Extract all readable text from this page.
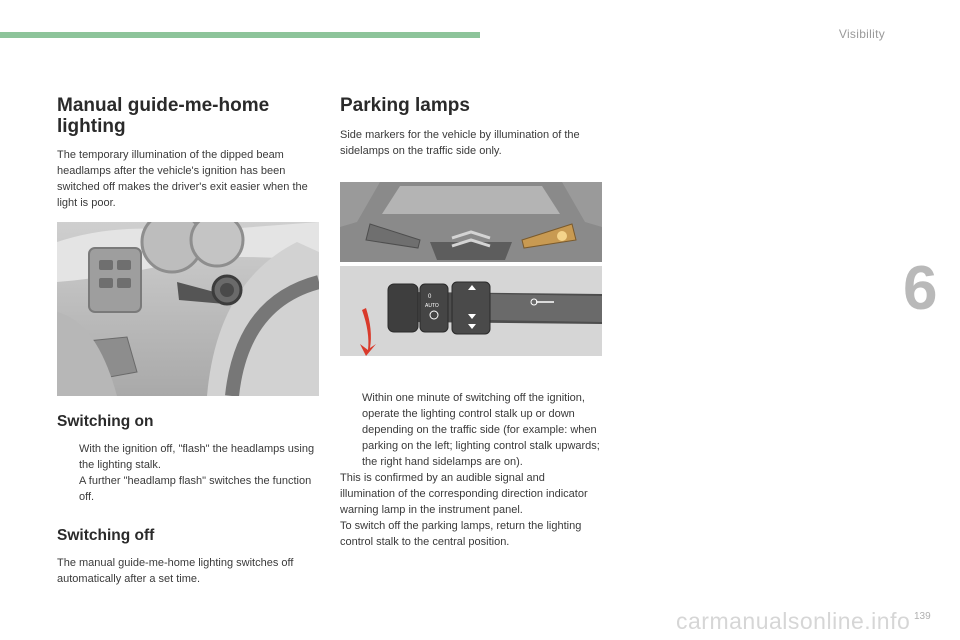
Visibility
6
Manual guide-me-home lighting

The temporary illumination of the dipped beam headlamps after the vehicle's ignition has been switched off makes the driver's exit easier when the light is poor.

Switching on
With the ignition off, "flash" the headlamps using the lighting stalk.
A further "headlamp flash" switches the function off.
Switching off

The manual guide-me-home lighting switches off automatically after a set time.

Parking lamps

Side markers for the vehicle by illumination of the sidelamps on the traffic side only.

Within one minute of switching off the ignition, operate the lighting control stalk up or down depending on the traffic side (for example: when parking on the left; lighting control stalk upwards; the right hand sidelamps are on).

This is confirmed by an audible signal and illumination of the corresponding direction indicator warning lamp in the instrument panel.

To switch off the parking lamps, return the lighting control stalk to the central position.

0
AUTO
139
carmanualsonline.info
